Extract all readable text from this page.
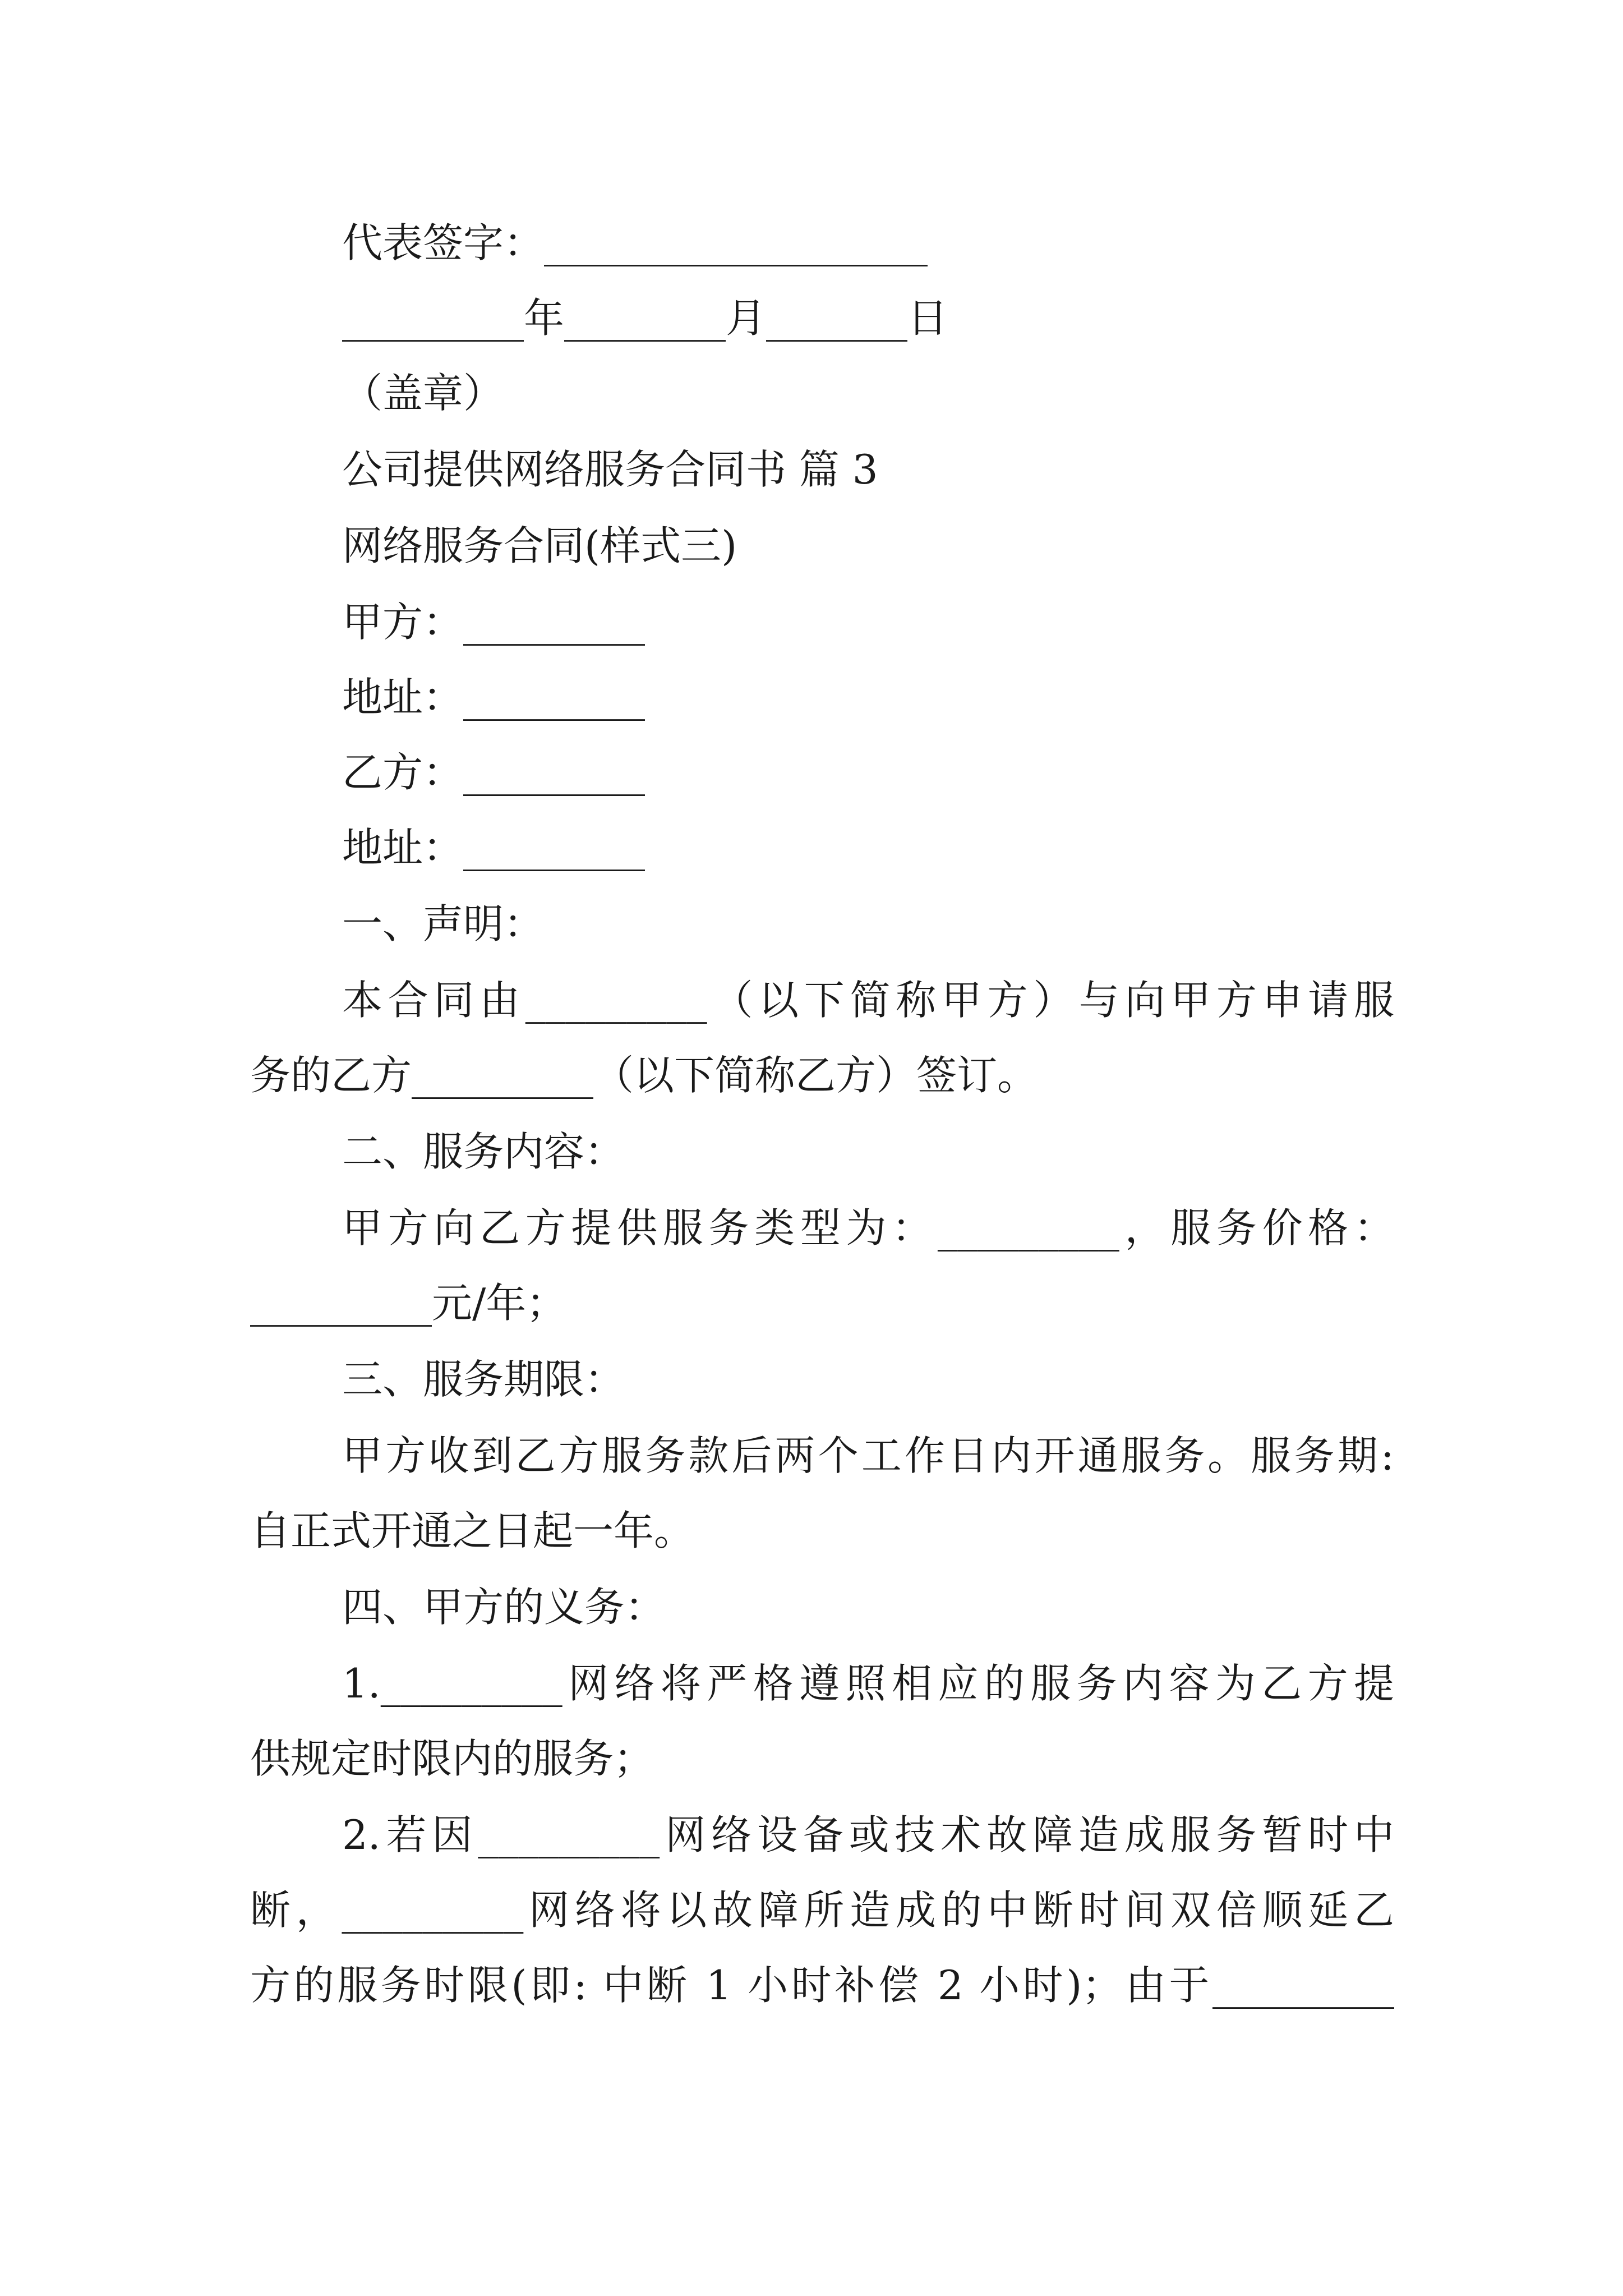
代表签字：___________________
_________年________月_______日
（盖章）
公司提供网络服务合同书 篇 3
网络服务合同(样式三)
甲方：_________
地址：_________
乙方：_________
地址：_________
一、声明：
本合同由_________（以下简称甲方）与向甲方申请服
务的乙方_________（以下简称乙方）签订。
二、服务内容：
甲方向乙方提供服务类型为：_________，服务价格：
_________元/年；
三、服务期限：
甲方收到乙方服务款后两个工作日内开通服务。服务期:
自正式开通之日起一年。
四、甲方的义务：
1._________网络将严格遵照相应的服务内容为乙方提
供规定时限内的服务；
2.若因_________网络设备或技术故障造成服务暂时中
断，_________网络将以故障所造成的中断时间双倍顺延乙
方的服务时限(即: 中断 1 小时补偿 2 小时)；由于_________
